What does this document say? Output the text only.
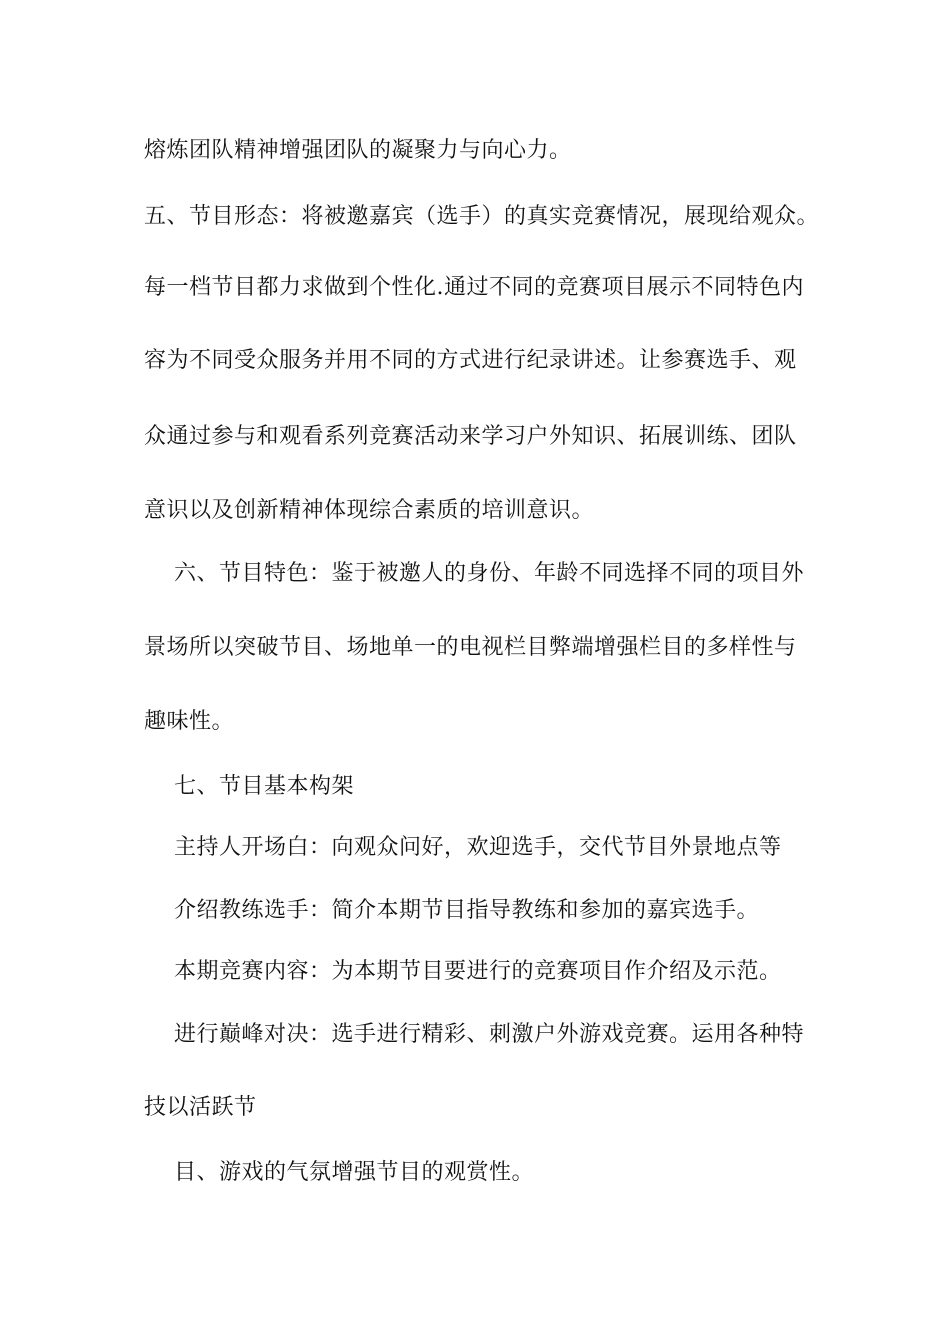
熔炼团队精神增强团队的凝聚力与向心力。
五、节目形态：将被邀嘉宾（选手）的真实竞赛情况，展现给观众。
每一档节目都力求做到个性化.通过不同的竞赛项目展示不同特色内
容为不同受众服务并用不同的方式进行纪录讲述。让参赛选手、观
众通过参与和观看系列竞赛活动来学习户外知识、拓展训练、团队
意识以及创新精神体现综合素质的培训意识。
六、节目特色：鉴于被邀人的身份、年龄不同选择不同的项目外
景场所以突破节目、场地单一的电视栏目弊端增强栏目的多样性与
趣味性。
七、节目基本构架
主持人开场白：向观众问好，欢迎选手，交代节目外景地点等
介绍教练选手：简介本期节目指导教练和参加的嘉宾选手。
本期竞赛内容：为本期节目要进行的竞赛项目作介绍及示范。
进行巅峰对决：选手进行精彩、刺激户外游戏竞赛。运用各种特
技以活跃节
目、游戏的气氛增强节目的观赏性。
